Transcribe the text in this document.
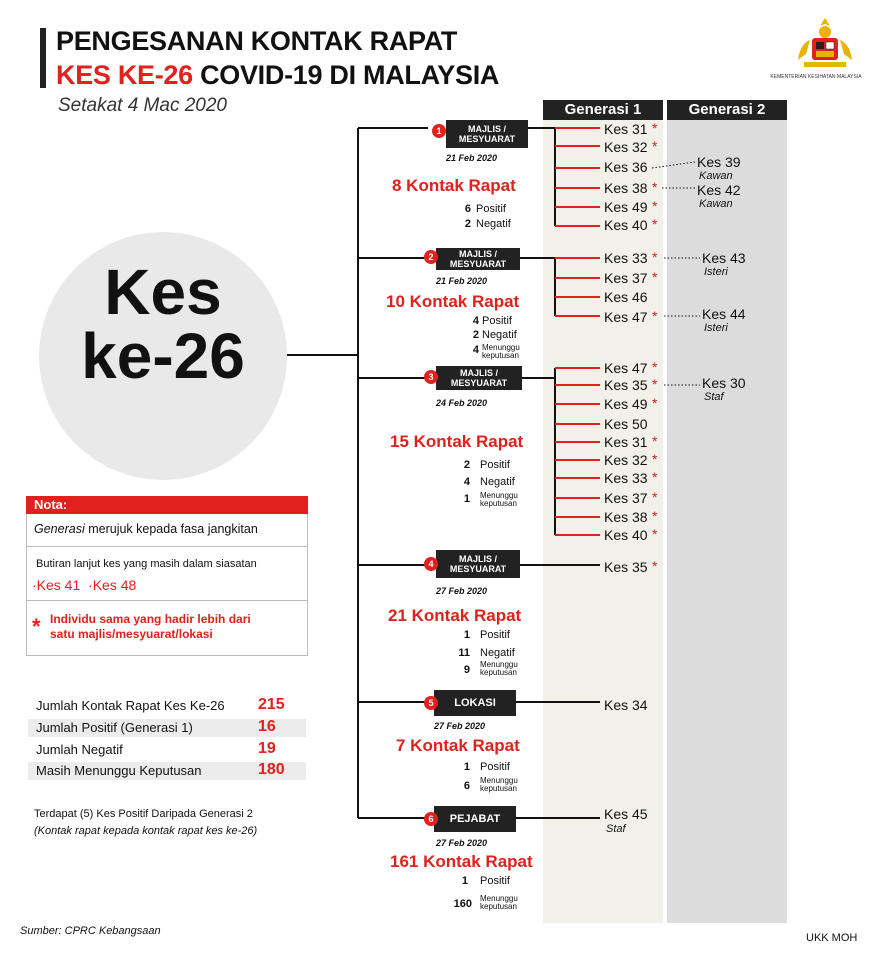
PENGESANAN KONTAK RAPAT
KES KE-26 COVID-19 DI MALAYSIA
Setakat 4 Mac 2020
KEMENTERIAN KESIHATAN MALAYSIA
Generasi 1	Generasi 2
Kes
ke-26
MAJLIS /
MESYUARAT
1
21 Feb 2020
8 Kontak Rapat
6 Positif
2 Negatif
MAJLIS /
MESYUARAT
2
21 Feb 2020
10 Kontak Rapat
4 Positif
2 Negatif
4 Menunggu keputusan
MAJLIS /
MESYUARAT
3
24 Feb 2020
15 Kontak Rapat
2 Positif
4 Negatif
1 Menunggu keputusan
MAJLIS /
MESYUARAT
4
27 Feb 2020
21 Kontak Rapat
1 Positif
11 Negatif
9 Menunggu keputusan
LOKASI
5
27 Feb 2020
7 Kontak Rapat
1 Positif
6 Menunggu keputusan
PEJABAT
6
27 Feb 2020
161 Kontak Rapat
1 Positif
160 Menunggu keputusan
Kes 31 *
Kes 32 *
Kes 36
Kes 38 *
Kes 49 *
Kes 40 *
Kes 33 *
Kes 37 *
Kes 46
Kes 47 *
Kes 47 *
Kes 35 *
Kes 49 *
Kes 50
Kes 31 *
Kes 32 *
Kes 33 *
Kes 37 *
Kes 38 *
Kes 40 *
Kes 35 *
Kes 34
Kes 45
Staf
Kes 39
Kawan
Kes 42
Kawan
Kes 43
Isteri
Kes 44
Isteri
Kes 30
Staf
Nota:
Generasi merujuk kepada fasa jangkitan
Butiran lanjut kes yang masih dalam siasatan
·Kes 41  ·Kes 48
* Individu sama yang hadir lebih dari
satu majlis/mesyuarat/lokasi
Jumlah Kontak Rapat Kes Ke-26 215
Jumlah Positif (Generasi 1)	16
Jumlah Negatif	19
Masih Menunggu Keputusan	180
Terdapat (5) Kes Positif Daripada Generasi 2
(Kontak rapat kepada kontak rapat kes ke-26)
Sumber: CPRC Kebangsaan
UKK MOH
